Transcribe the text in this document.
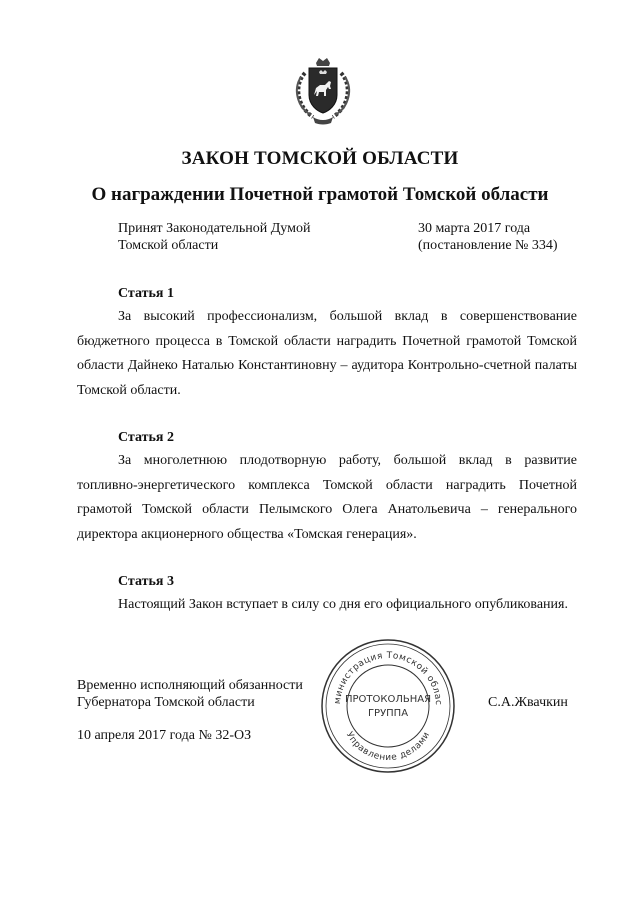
ЗАКОН ТОМСКОЙ ОБЛАСТИ
О награждении Почетной грамотой Томской области
Принят Законодательной Думой
Томской области
30 марта 2017 года
(постановление № 334)
Статья 1
За высокий профессионализм, большой вклад в совершенствование бюджетного процесса в Томской области наградить Почетной грамотой Томской области Дайнеко Наталью Константиновну – аудитора Контрольно-счетной палаты Томской области.
Статья 2
За многолетнюю плодотворную работу, большой вклад в развитие топливно-энергетического комплекса Томской области наградить Почетной грамотой Томской области Пелымского Олега Анатольевича – генерального директора акционерного общества «Томская генерация».
Статья 3
Настоящий Закон вступает в силу со дня его официального опубликования.
Временно исполняющий обязанности
Губернатора Томской области	С.А.Жвачкин
10 апреля 2017 года № 32-ОЗ
министрация Томской облас
Управление делами
ПРОТОКОЛЬНАЯ
ГРУППА
